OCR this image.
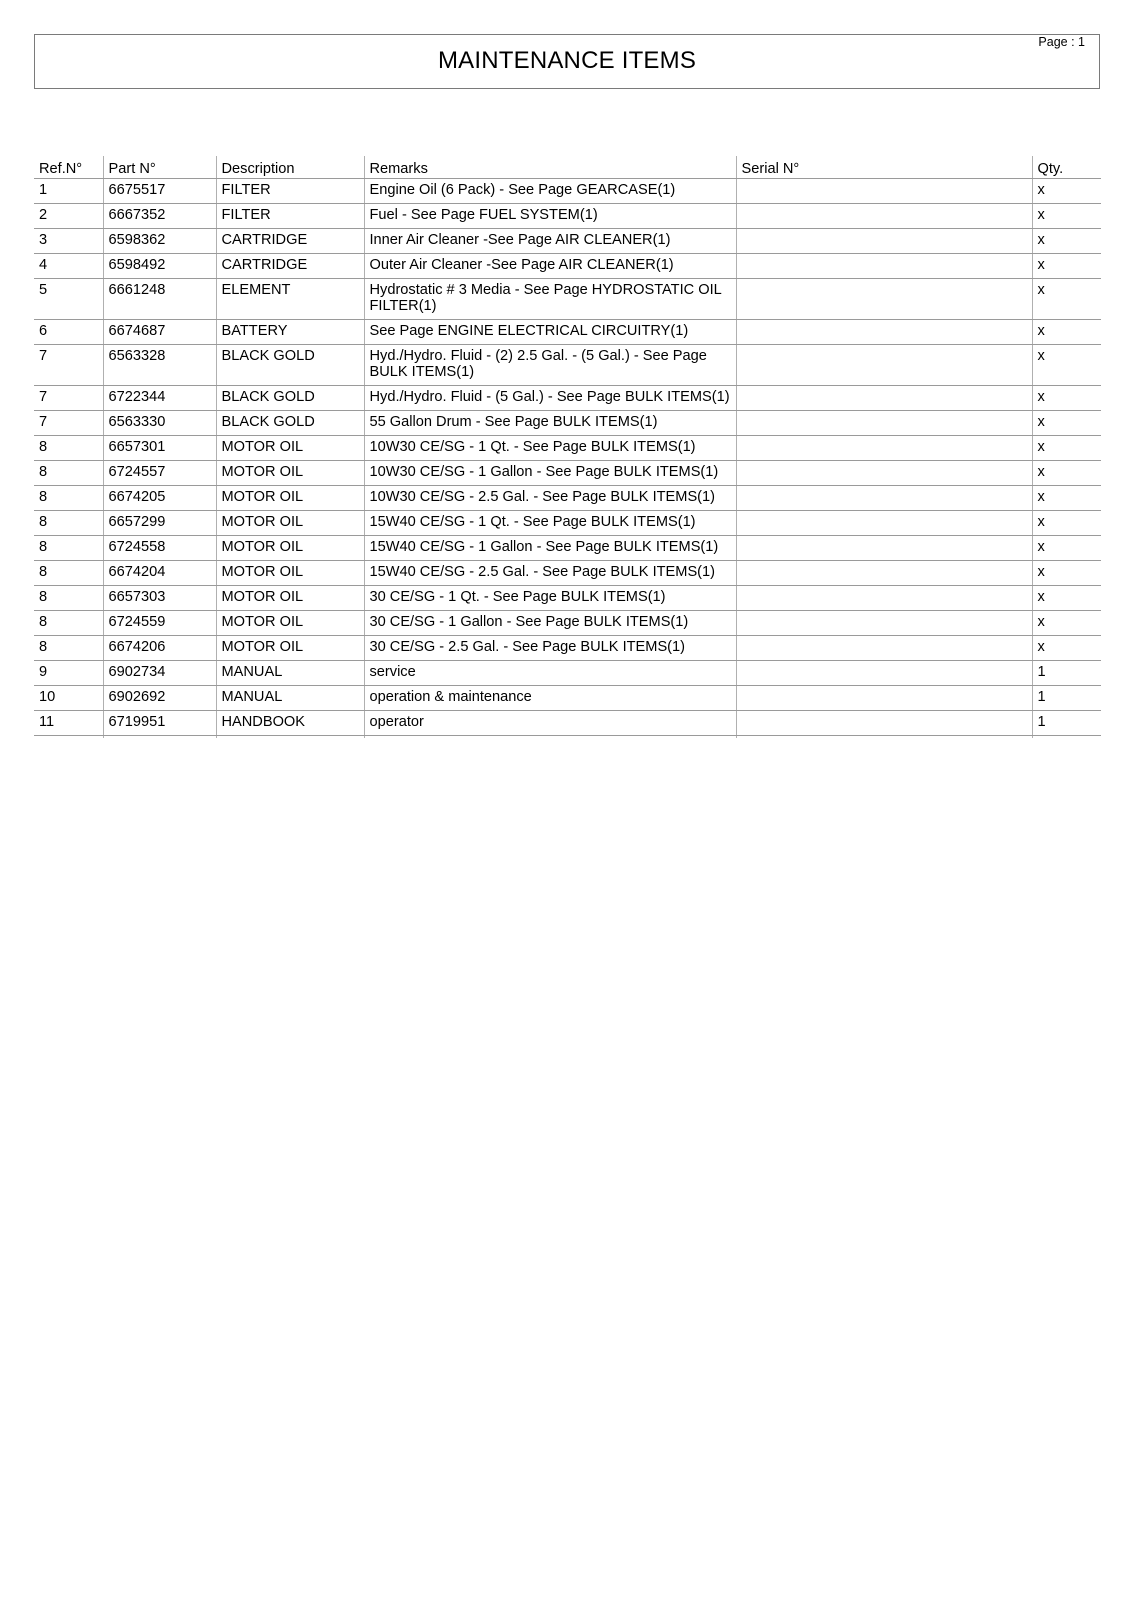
Page : 1
MAINTENANCE ITEMS
Ref.N°	Part N°	Description	Remarks	Serial N°	Qty.
1	6675517	FILTER	Engine Oil (6 Pack) - See Page GEARCASE(1)		x
2	6667352	FILTER	Fuel - See Page FUEL SYSTEM(1)		x
3	6598362	CARTRIDGE	Inner Air Cleaner -See Page AIR CLEANER(1)		x
4	6598492	CARTRIDGE	Outer Air Cleaner -See Page AIR CLEANER(1)		x
5	6661248	ELEMENT	Hydrostatic # 3 Media - See Page HYDROSTATIC OIL FILTER(1)		x
6	6674687	BATTERY	See Page ENGINE ELECTRICAL CIRCUITRY(1)		x
7	6563328	BLACK GOLD	Hyd./Hydro. Fluid - (2) 2.5 Gal. - (5 Gal.) - See Page BULK ITEMS(1)		x
7	6722344	BLACK GOLD	Hyd./Hydro. Fluid - (5 Gal.) - See Page BULK ITEMS(1)		x
7	6563330	BLACK GOLD	55 Gallon Drum - See Page BULK ITEMS(1)		x
8	6657301	MOTOR OIL	10W30 CE/SG - 1 Qt. - See Page BULK ITEMS(1)		x
8	6724557	MOTOR OIL	10W30 CE/SG - 1 Gallon - See Page BULK ITEMS(1)		x
8	6674205	MOTOR OIL	10W30 CE/SG - 2.5 Gal. - See Page BULK ITEMS(1)		x
8	6657299	MOTOR OIL	15W40 CE/SG - 1 Qt. - See Page BULK ITEMS(1)		x
8	6724558	MOTOR OIL	15W40 CE/SG - 1 Gallon - See Page BULK ITEMS(1)		x
8	6674204	MOTOR OIL	15W40 CE/SG - 2.5 Gal. - See Page BULK ITEMS(1)		x
8	6657303	MOTOR OIL	30 CE/SG - 1 Qt. - See Page BULK ITEMS(1)		x
8	6724559	MOTOR OIL	30 CE/SG - 1 Gallon - See Page BULK ITEMS(1)		x
8	6674206	MOTOR OIL	30 CE/SG - 2.5 Gal. - See Page BULK ITEMS(1)		x
9	6902734	MANUAL	service		1
10	6902692	MANUAL	operation & maintenance		1
11	6719951	HANDBOOK	operator		1
